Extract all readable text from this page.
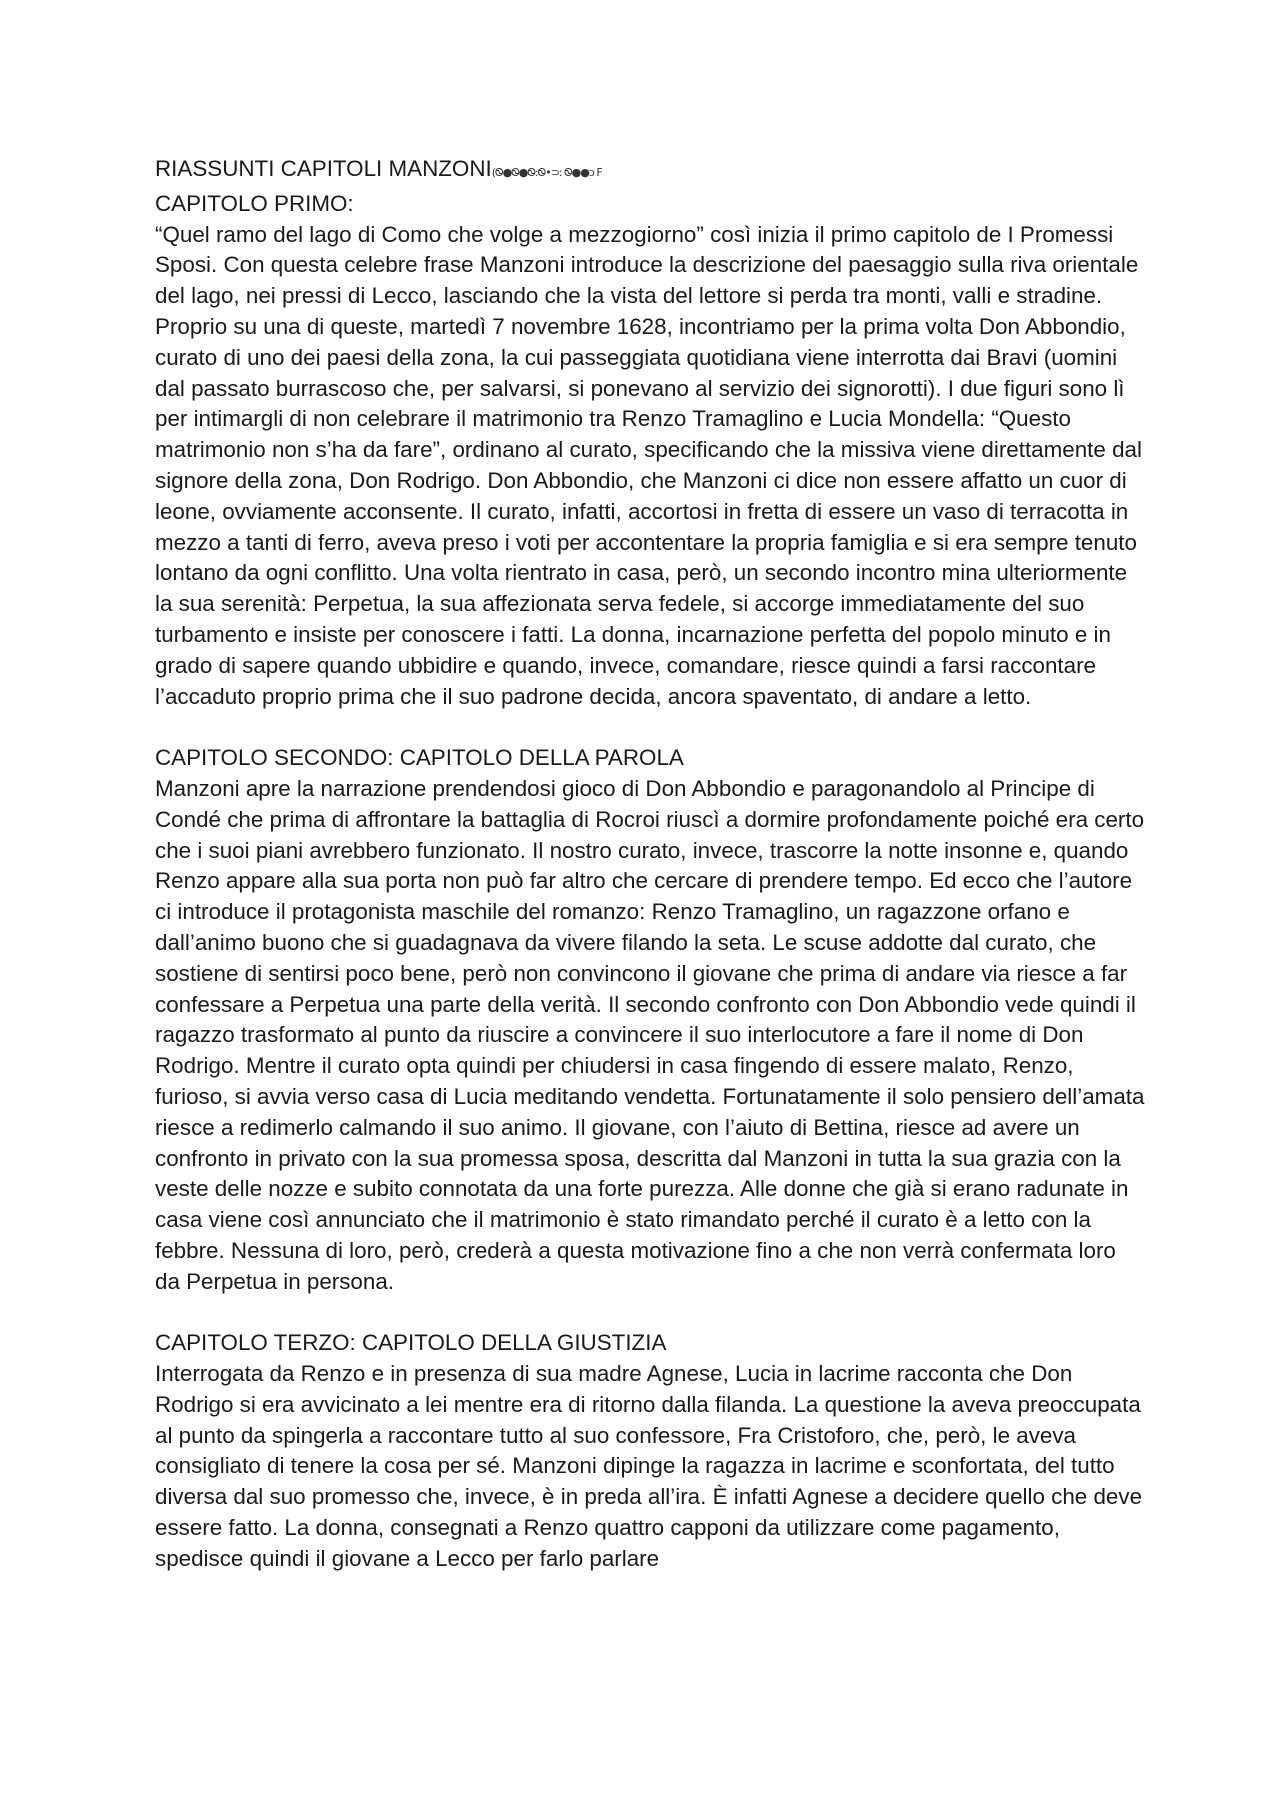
RIASSUNTI CAPITOLI MANZONI(Ꮻ●Ꮻ●Ꮻ:Ꮻ•⊃: Ꮻ●●ↄ F

CAPITOLO PRIMO:

“Quel ramo del lago di Como che volge a mezzogiorno” così inizia il primo capitolo de I Promessi Sposi. Con questa celebre frase Manzoni introduce la descrizione del paesaggio sulla riva orientale del lago, nei pressi di Lecco, lasciando che la vista del lettore si perda tra monti, valli e stradine. Proprio su una di queste, martedì 7 novembre 1628, incontriamo per la prima volta Don Abbondio, curato di uno dei paesi della zona, la cui passeggiata quotidiana viene interrotta dai Bravi (uomini dal passato burrascoso che, per salvarsi, si ponevano al servizio dei signorotti). I due figuri sono lì per intimargli di non celebrare il matrimonio tra Renzo Tramaglino e Lucia Mondella: “Questo matrimonio non s’ha da fare”, ordinano al curato, specificando che la missiva viene direttamente dal signore della zona, Don Rodrigo. Don Abbondio, che Manzoni ci dice non essere affatto un cuor di leone, ovviamente acconsente. Il curato, infatti, accortosi in fretta di essere un vaso di terracotta in mezzo a tanti di ferro, aveva preso i voti per accontentare la propria famiglia e si era sempre tenuto lontano da ogni conflitto. Una volta rientrato in casa, però, un secondo incontro mina ulteriormente la sua serenità: Perpetua, la sua affezionata serva fedele, si accorge immediatamente del suo turbamento e insiste per conoscere i fatti. La donna, incarnazione perfetta del popolo minuto e in grado di sapere quando ubbidire e quando, invece, comandare, riesce quindi a farsi raccontare l’accaduto proprio prima che il suo padrone decida, ancora spaventato, di andare a letto.

CAPITOLO SECONDO: CAPITOLO DELLA PAROLA

Manzoni apre la narrazione prendendosi gioco di Don Abbondio e paragonandolo al Principe di Condé che prima di affrontare la battaglia di Rocroi riuscì a dormire profondamente poiché era certo che i suoi piani avrebbero funzionato. Il nostro curato, invece, trascorre la notte insonne e, quando Renzo appare alla sua porta non può far altro che cercare di prendere tempo. Ed ecco che l’autore ci introduce il protagonista maschile del romanzo: Renzo Tramaglino, un ragazzone orfano e dall’animo buono che si guadagnava da vivere filando la seta. Le scuse addotte dal curato, che sostiene di sentirsi poco bene, però non convincono il giovane che prima di andare via riesce a far confessare a Perpetua una parte della verità. Il secondo confronto con Don Abbondio vede quindi il ragazzo trasformato al punto da riuscire a convincere il suo interlocutore a fare il nome di Don Rodrigo. Mentre il curato opta quindi per chiudersi in casa fingendo di essere malato, Renzo, furioso, si avvia verso casa di Lucia meditando vendetta. Fortunatamente il solo pensiero dell’amata riesce a redimerlo calmando il suo animo. Il giovane, con l’aiuto di Bettina, riesce ad avere un confronto in privato con la sua promessa sposa, descritta dal Manzoni in tutta la sua grazia con la veste delle nozze e subito connotata da una forte purezza. Alle donne che già si erano radunate in casa viene così annunciato che il matrimonio è stato rimandato perché il curato è a letto con la febbre. Nessuna di loro, però, crederà a questa motivazione fino a che non verrà confermata loro da Perpetua in persona.

CAPITOLO TERZO: CAPITOLO DELLA GIUSTIZIA

Interrogata da Renzo e in presenza di sua madre Agnese, Lucia in lacrime racconta che Don Rodrigo si era avvicinato a lei mentre era di ritorno dalla filanda. La questione la aveva preoccupata al punto da spingerla a raccontare tutto al suo confessore, Fra Cristoforo, che, però, le aveva consigliato di tenere la cosa per sé. Manzoni dipinge la ragazza in lacrime e sconfortata, del tutto diversa dal suo promesso che, invece, è in preda all’ira. È infatti Agnese a decidere quello che deve essere fatto. La donna, consegnati a Renzo quattro capponi da utilizzare come pagamento, spedisce quindi il giovane a Lecco per farlo parlare
